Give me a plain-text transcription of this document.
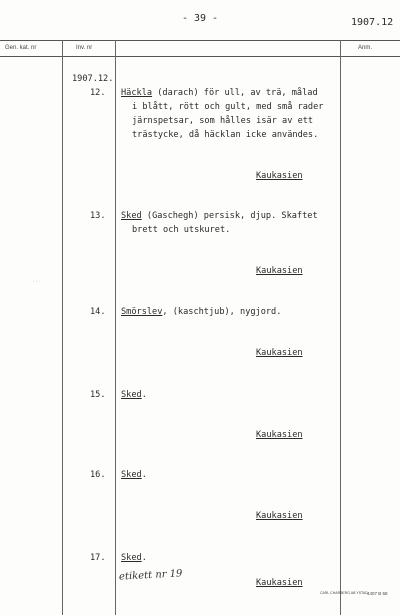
- 39 -	1907.12
Gen. kat. nr	Inv. nr	Anm.
1907.12.
12. Häckla (darach) för ull, av trä, målad
i blått, rött och gult, med små rader
järnspetsar, som hålles isär av ett
trästycke, då häcklan icke användes.
Kaukasien
13. Sked (Gaschegh) persisk, djup. Skaftet
brett och utskuret.
Kaukasien
···
14. Smörslev, (kaschtjub), nygjord.
Kaukasien
15. Sked.
Kaukasien
16. Sked.
Kaukasien
17. Sked.
etikett nr 19
Kaukasien
CARL CHARBERG AB YSTAD 4407 B 68
